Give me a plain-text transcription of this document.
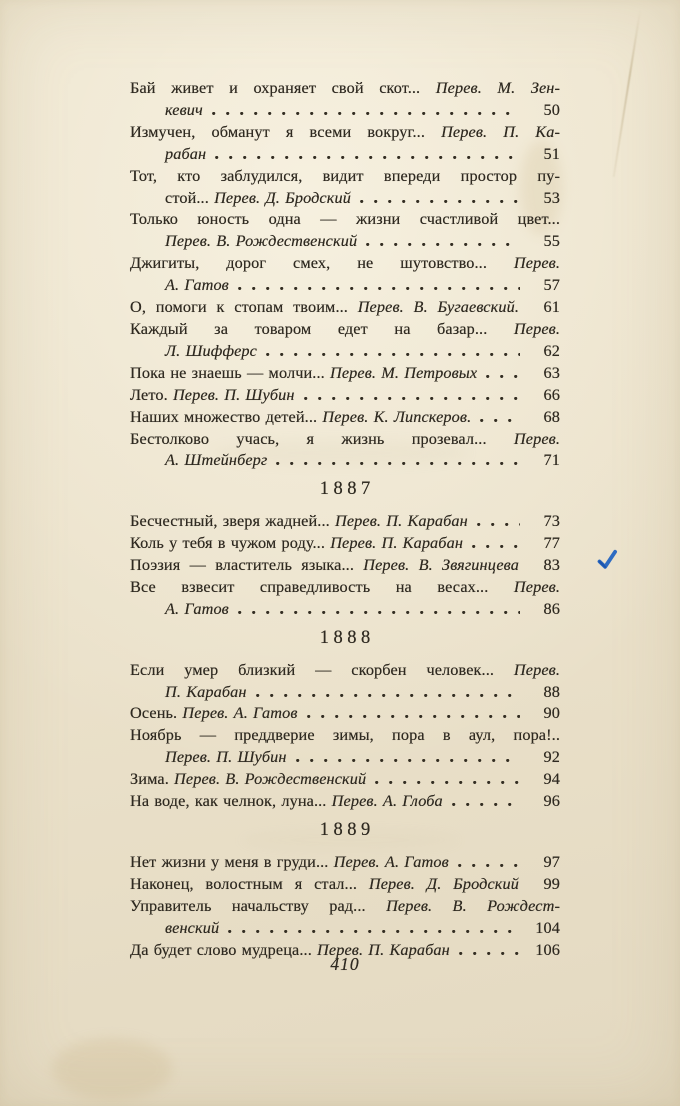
Бай живет и охраняет свой скот... Перев. М. Зен-
кевич	50
Измучен, обманут я всеми вокруг... Перев. П. Ка-
рабан	51
Тот, кто заблудился, видит впереди простор пу-
стой... Перев. Д. Бродский	53
Только юность одна — жизни счастливой цвет...
Перев. В. Рождественский	55
Джигиты, дорог смех, не шутовство... Перев.
А. Гатов	57
О, помоги к стопам твоим... Перев. В. Бугаевский.	61
Каждый за товаром едет на базар... Перев.
Л. Шифферс	62
Пока не знаешь — молчи... Перев. М. Петровых	63
Лето. Перев. П. Шубин	66
Наших множество детей... Перев. К. Липскеров.	68
Бестолково учась, я жизнь прозевал... Перев.
А. Штейнберг	71
1887
Бесчестный, зверя жадней... Перев. П. Карабан	73
Коль у тебя в чужом роду... Перев. П. Карабан	77
Поэзия — властитель языка... Перев. В. Звягинцева	83
Все взвесит справедливость на весах... Перев.
А. Гатов	86
1888
Если умер близкий — скорбен человек... Перев.
П. Карабан	88
Осень. Перев. А. Гатов	90
Ноябрь — преддверие зимы, пора в аул, пора!..
Перев. П. Шубин	92
Зима. Перев. В. Рождественский	94
На воде, как челнок, луна... Перев. А. Глоба	96
1889
Нет жизни у меня в груди... Перев. А. Гатов	97
Наконец, волостным я стал... Перев. Д. Бродский	99
Управитель начальству рад... Перев. В. Рождест-
венский	104
Да будет слово мудреца... Перев. П. Карабан	106
410
